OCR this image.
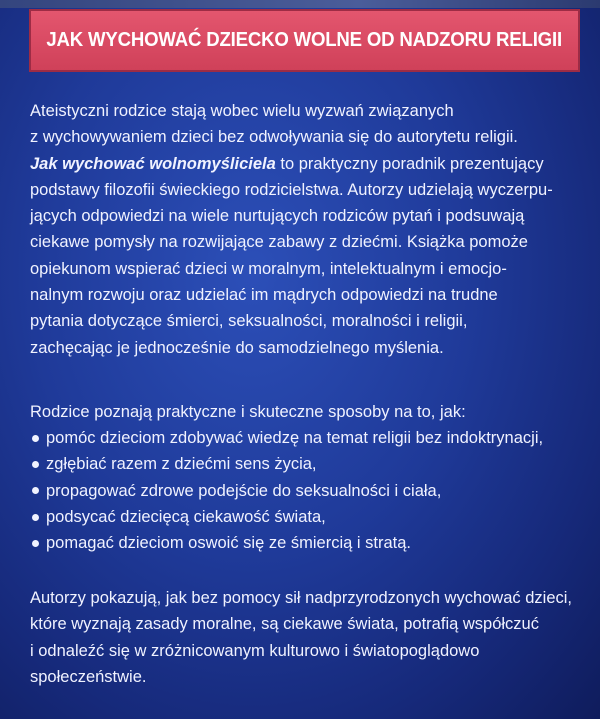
JAK WYCHOWAĆ DZIECKO WOLNE OD NADZORU RELIGII

Ateistyczni rodzice stają wobec wielu wyzwań związanych
z wychowywaniem dzieci bez odwoływania się do autorytetu religii.
Jak wychować wolnomyśliciela to praktyczny poradnik prezentujący
podstawy filozofii świeckiego rodzicielstwa. Autorzy udzielają wyczerpu-
jących odpowiedzi na wiele nurtujących rodziców pytań i podsuwają
ciekawe pomysły na rozwijające zabawy z dziećmi. Książka pomoże
opiekunom wspierać dzieci w moralnym, intelektualnym i emocjo-
nalnym rozwoju oraz udzielać im mądrych odpowiedzi na trudne
pytania dotyczące śmierci, seksualności, moralności i religii,
zachęcając je jednocześnie do samodzielnego myślenia.

Rodzice poznają praktyczne i skuteczne sposoby na to, jak:

pomóc dzieciom zdobywać wiedzę na temat religii bez indoktrynacji,
zgłębiać razem z dziećmi sens życia,
propagować zdrowe podejście do seksualności i ciała,
podsycać dziecięcą ciekawość świata,
pomagać dzieciom oswoić się ze śmiercią i stratą.

Autorzy pokazują, jak bez pomocy sił nadprzyrodzonych wychować dzieci,
które wyznają zasady moralne, są ciekawe świata, potrafią współczuć
i odnaleźć się w zróżnicowanym kulturowo i światopoglądowo
społeczeństwie.
